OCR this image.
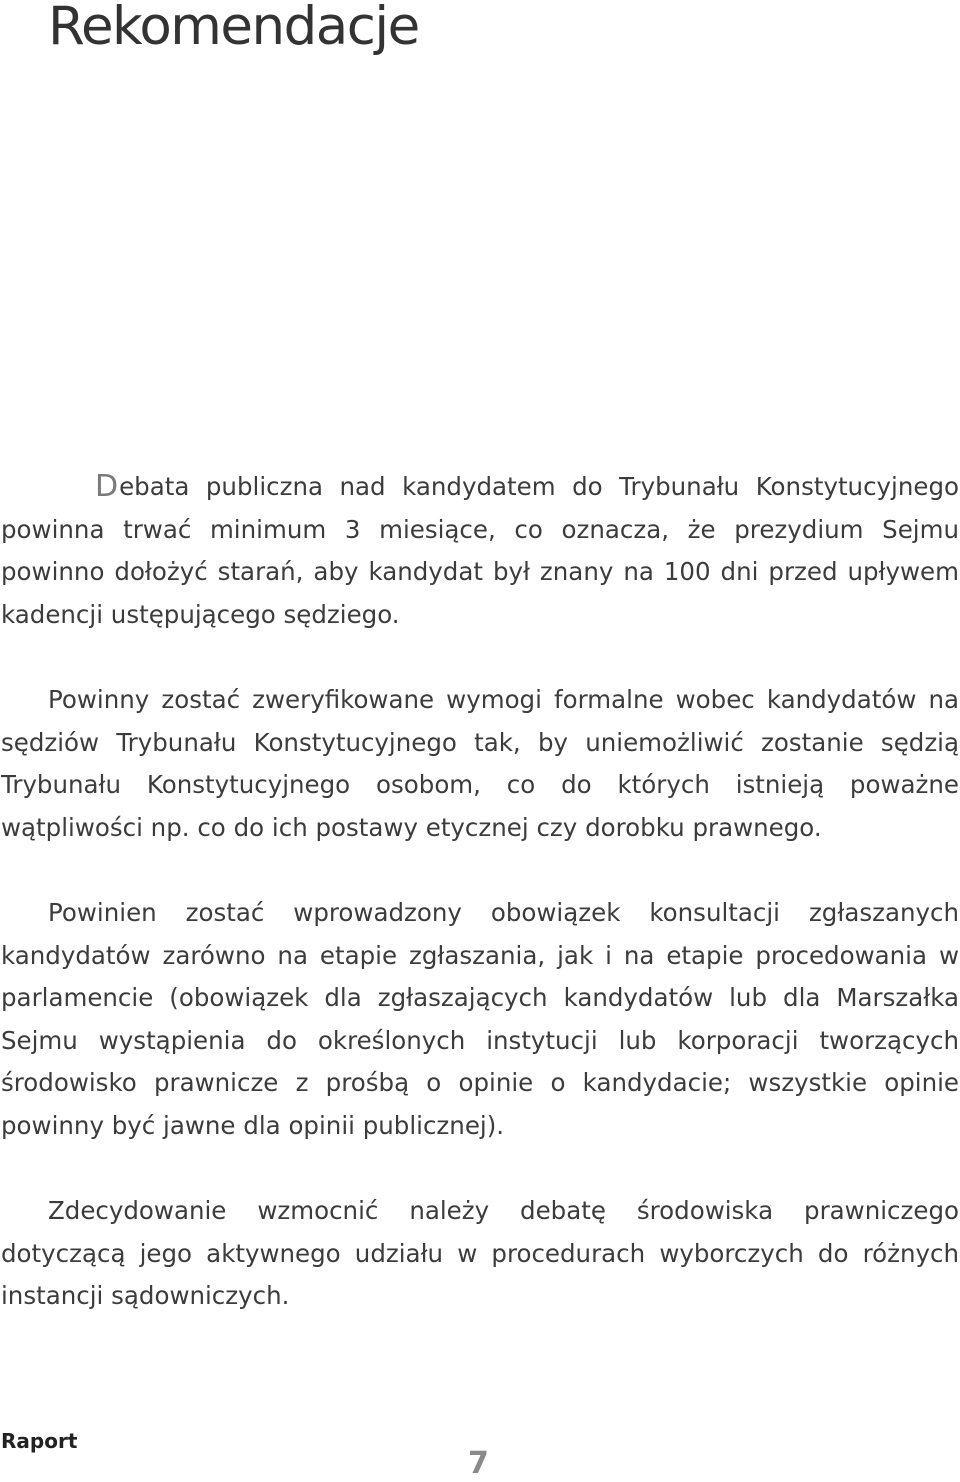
Rekomendacje

Debata publiczna nad kandydatem do Trybunału Konstytucyjnego powinna trwać minimum 3 miesiące, co oznacza, że prezydium Sejmu powinno dołożyć starań, aby kandydat był znany na 100 dni przed upływem kadencji ustępującego sędziego.

Powinny zostać zweryfikowane wymogi formalne wobec kandydatów na sędziów Trybunału Konstytucyjnego tak, by uniemożliwić zostanie sędzią Trybunału Konstytucyjnego osobom, co do których istnieją poważne wątpliwości np. co do ich postawy etycznej czy dorobku prawnego.

Powinien zostać wprowadzony obowiązek konsultacji zgłaszanych kandydatów zarówno na etapie zgłaszania, jak i na etapie procedowania w parlamencie (obowiązek dla zgłaszających kandydatów lub dla Marszałka Sejmu wystąpienia do określonych instytucji lub korporacji tworzących środowisko prawnicze z prośbą o opinie o kandydacie; wszystkie opinie powinny być jawne dla opinii publicznej).

Zdecydowanie wzmocnić należy debatę środowiska prawniczego dotyczącą jego aktywnego udziału w procedurach wyborczych do różnych instancji sądowniczych.

Raport
7
